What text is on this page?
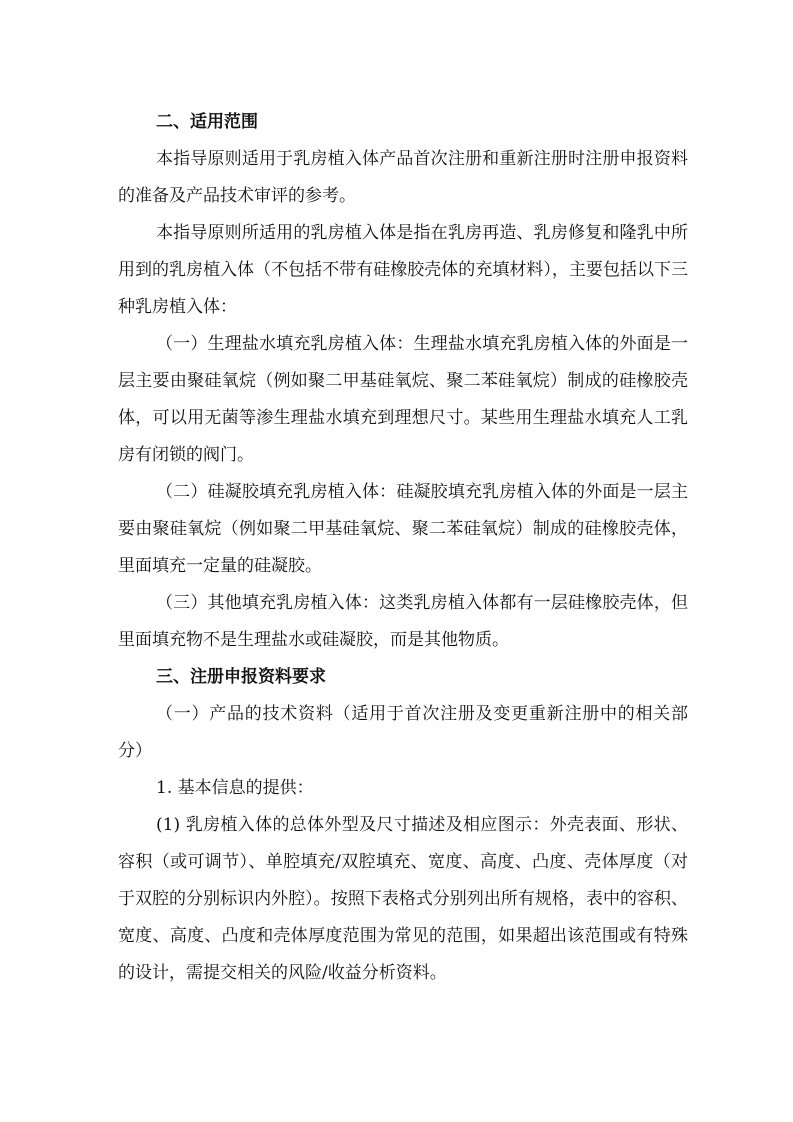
二、适用范围

本指导原则适用于乳房植入体产品首次注册和重新注册时注册申报资料的准备及产品技术审评的参考。

本指导原则所适用的乳房植入体是指在乳房再造、乳房修复和隆乳中所用到的乳房植入体（不包括不带有硅橡胶壳体的充填材料），主要包括以下三种乳房植入体：

（一）生理盐水填充乳房植入体：生理盐水填充乳房植入体的外面是一层主要由聚硅氧烷（例如聚二甲基硅氧烷、聚二苯硅氧烷）制成的硅橡胶壳体，可以用无菌等渗生理盐水填充到理想尺寸。某些用生理盐水填充人工乳房有闭锁的阀门。

（二）硅凝胶填充乳房植入体：硅凝胶填充乳房植入体的外面是一层主要由聚硅氧烷（例如聚二甲基硅氧烷、聚二苯硅氧烷）制成的硅橡胶壳体，里面填充一定量的硅凝胶。

（三）其他填充乳房植入体：这类乳房植入体都有一层硅橡胶壳体，但里面填充物不是生理盐水或硅凝胶，而是其他物质。

三、注册申报资料要求

（一）产品的技术资料（适用于首次注册及变更重新注册中的相关部分）

1. 基本信息的提供：

(1) 乳房植入体的总体外型及尺寸描述及相应图示：外壳表面、形状、容积（或可调节）、单腔填充/双腔填充、宽度、高度、凸度、壳体厚度（对于双腔的分别标识内外腔）。按照下表格式分别列出所有规格，表中的容积、宽度、高度、凸度和壳体厚度范围为常见的范围，如果超出该范围或有特殊的设计，需提交相关的风险/收益分析资料。
